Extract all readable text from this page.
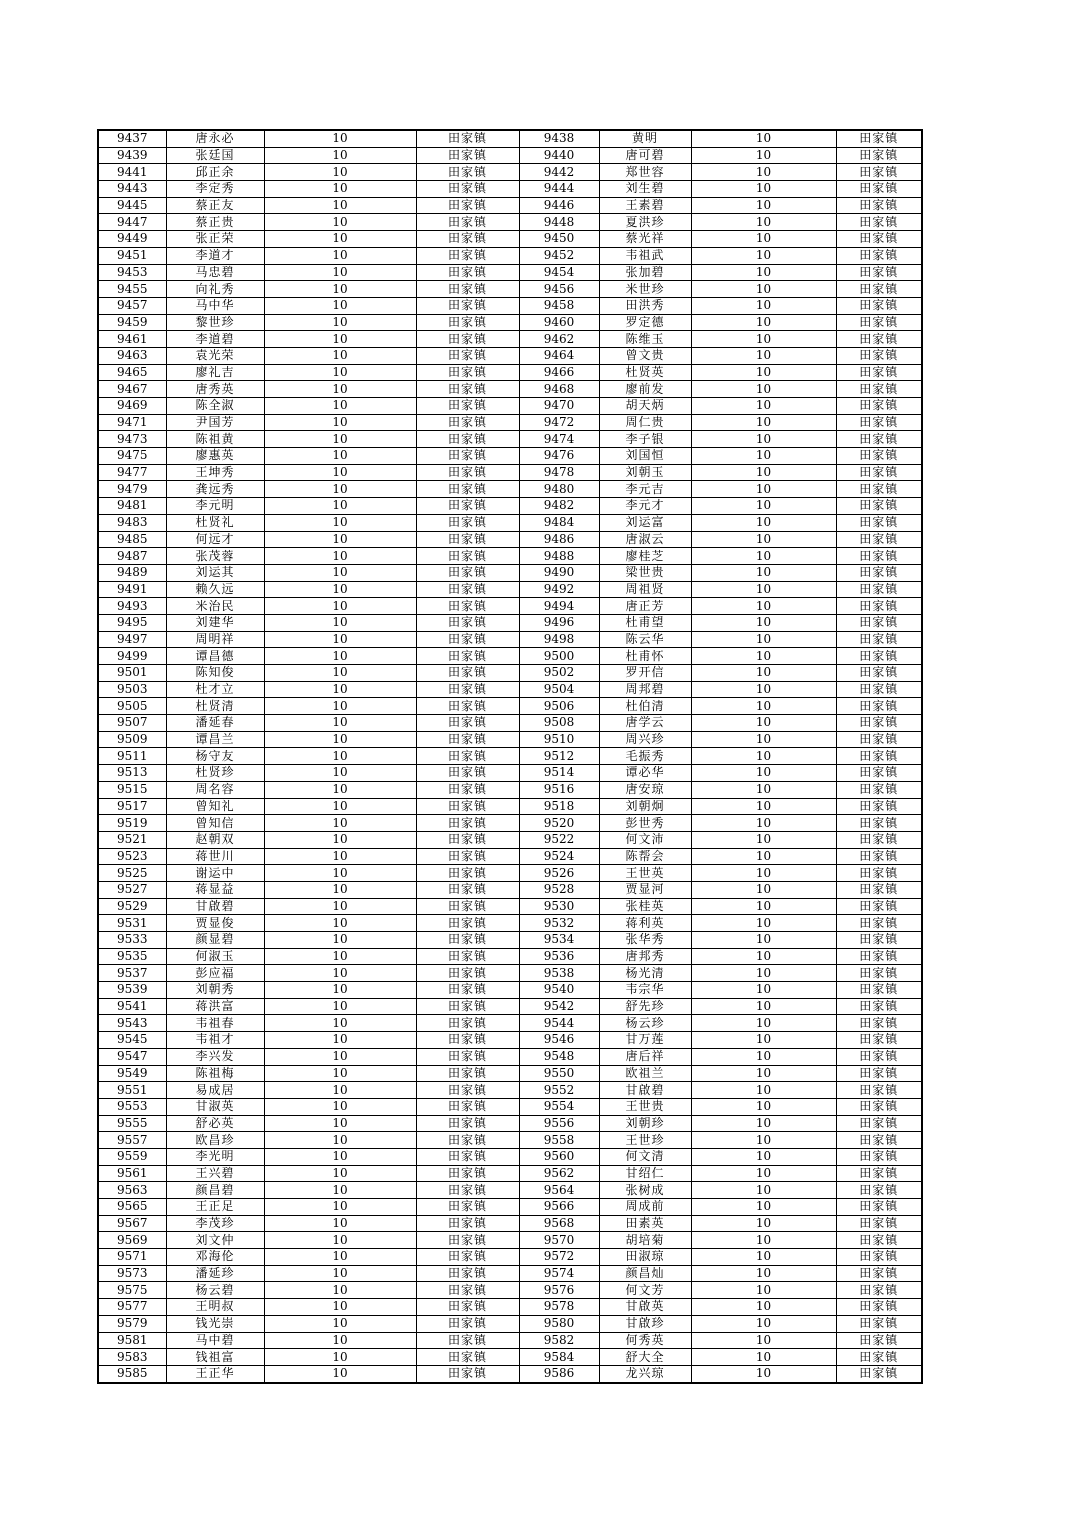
9437	唐永必	10	田家镇	9438	黄明	10	田家镇
9439	张廷国	10	田家镇	9440	唐可碧	10	田家镇
9441	邱正余	10	田家镇	9442	郑世容	10	田家镇
9443	李定秀	10	田家镇	9444	刘生碧	10	田家镇
9445	蔡正友	10	田家镇	9446	王素碧	10	田家镇
9447	蔡正贵	10	田家镇	9448	夏洪珍	10	田家镇
9449	张正荣	10	田家镇	9450	蔡光祥	10	田家镇
9451	李道才	10	田家镇	9452	韦祖武	10	田家镇
9453	马忠碧	10	田家镇	9454	张加碧	10	田家镇
9455	向礼秀	10	田家镇	9456	米世珍	10	田家镇
9457	马中华	10	田家镇	9458	田洪秀	10	田家镇
9459	黎世珍	10	田家镇	9460	罗定德	10	田家镇
9461	李道碧	10	田家镇	9462	陈维玉	10	田家镇
9463	袁光荣	10	田家镇	9464	曾文贵	10	田家镇
9465	廖礼吉	10	田家镇	9466	杜贤英	10	田家镇
9467	唐秀英	10	田家镇	9468	廖前发	10	田家镇
9469	陈全淑	10	田家镇	9470	胡天炳	10	田家镇
9471	尹国芳	10	田家镇	9472	周仁贵	10	田家镇
9473	陈祖黄	10	田家镇	9474	李子银	10	田家镇
9475	廖惠英	10	田家镇	9476	刘国恒	10	田家镇
9477	王坤秀	10	田家镇	9478	刘朝玉	10	田家镇
9479	龚远秀	10	田家镇	9480	李元吉	10	田家镇
9481	李元明	10	田家镇	9482	李元才	10	田家镇
9483	杜贤礼	10	田家镇	9484	刘运富	10	田家镇
9485	何远才	10	田家镇	9486	唐淑云	10	田家镇
9487	张茂蓉	10	田家镇	9488	廖桂芝	10	田家镇
9489	刘运其	10	田家镇	9490	梁世贵	10	田家镇
9491	赖久远	10	田家镇	9492	周祖贤	10	田家镇
9493	米治民	10	田家镇	9494	唐正芳	10	田家镇
9495	刘建华	10	田家镇	9496	杜甫望	10	田家镇
9497	周明祥	10	田家镇	9498	陈云华	10	田家镇
9499	谭昌德	10	田家镇	9500	杜甫怀	10	田家镇
9501	陈知俊	10	田家镇	9502	罗开信	10	田家镇
9503	杜才立	10	田家镇	9504	周邦碧	10	田家镇
9505	杜贤清	10	田家镇	9506	杜伯清	10	田家镇
9507	潘延春	10	田家镇	9508	唐学云	10	田家镇
9509	谭昌兰	10	田家镇	9510	周兴珍	10	田家镇
9511	杨守友	10	田家镇	9512	毛振秀	10	田家镇
9513	杜贤珍	10	田家镇	9514	谭必华	10	田家镇
9515	周名容	10	田家镇	9516	唐安琼	10	田家镇
9517	曾知礼	10	田家镇	9518	刘朝炯	10	田家镇
9519	曾知信	10	田家镇	9520	彭世秀	10	田家镇
9521	赵朝双	10	田家镇	9522	何文沛	10	田家镇
9523	蒋世川	10	田家镇	9524	陈帮会	10	田家镇
9525	谢运中	10	田家镇	9526	王世英	10	田家镇
9527	蒋显益	10	田家镇	9528	贾显河	10	田家镇
9529	甘啟碧	10	田家镇	9530	张桂英	10	田家镇
9531	贾显俊	10	田家镇	9532	蒋利英	10	田家镇
9533	颜显碧	10	田家镇	9534	张华秀	10	田家镇
9535	何淑玉	10	田家镇	9536	唐邦秀	10	田家镇
9537	彭应福	10	田家镇	9538	杨光清	10	田家镇
9539	刘朝秀	10	田家镇	9540	韦宗华	10	田家镇
9541	蒋洪富	10	田家镇	9542	舒先珍	10	田家镇
9543	韦祖春	10	田家镇	9544	杨云珍	10	田家镇
9545	韦祖才	10	田家镇	9546	甘万莲	10	田家镇
9547	李兴发	10	田家镇	9548	唐后祥	10	田家镇
9549	陈祖梅	10	田家镇	9550	欧祖兰	10	田家镇
9551	易成居	10	田家镇	9552	甘啟碧	10	田家镇
9553	甘淑英	10	田家镇	9554	王世贵	10	田家镇
9555	舒必英	10	田家镇	9556	刘朝珍	10	田家镇
9557	欧昌珍	10	田家镇	9558	王世珍	10	田家镇
9559	李光明	10	田家镇	9560	何文清	10	田家镇
9561	王兴碧	10	田家镇	9562	甘绍仁	10	田家镇
9563	颜昌碧	10	田家镇	9564	张树成	10	田家镇
9565	王正足	10	田家镇	9566	周成前	10	田家镇
9567	李茂珍	10	田家镇	9568	田素英	10	田家镇
9569	刘文仲	10	田家镇	9570	胡培菊	10	田家镇
9571	邓海伦	10	田家镇	9572	田淑琼	10	田家镇
9573	潘延珍	10	田家镇	9574	颜昌灿	10	田家镇
9575	杨云碧	10	田家镇	9576	何文芳	10	田家镇
9577	王明叔	10	田家镇	9578	甘啟英	10	田家镇
9579	钱光崇	10	田家镇	9580	甘啟珍	10	田家镇
9581	马中碧	10	田家镇	9582	何秀英	10	田家镇
9583	钱祖富	10	田家镇	9584	舒大全	10	田家镇
9585	王正华	10	田家镇	9586	龙兴琼	10	田家镇
